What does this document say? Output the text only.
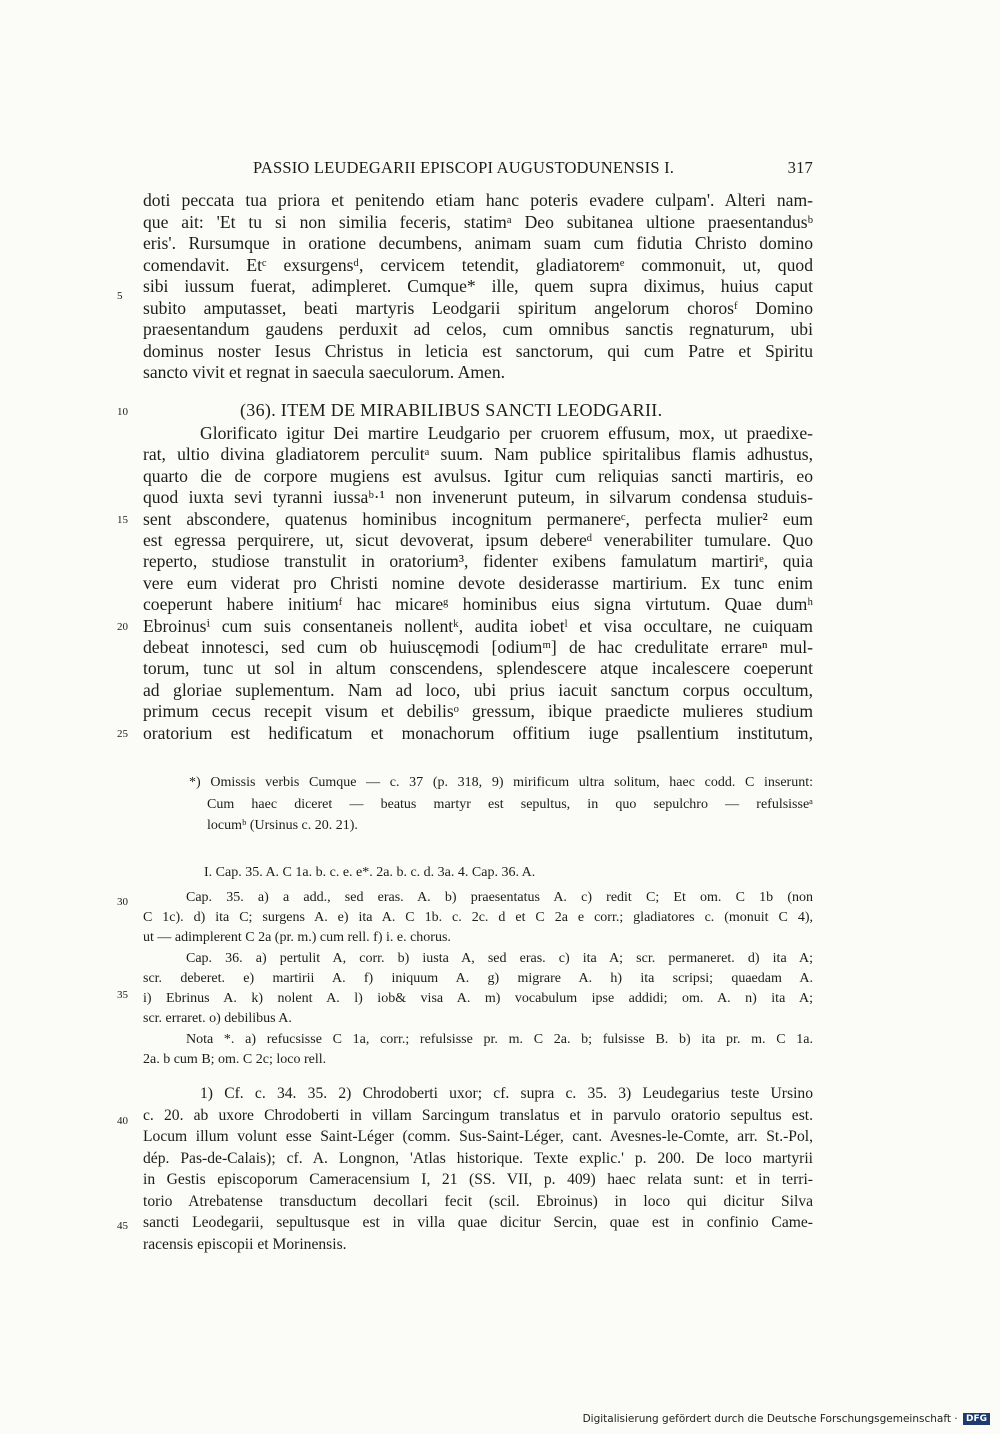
PASSIO LEUDEGARII EPISCOPI AUGUSTODUNENSIS I.	317
doti peccata tua priora et penitendo etiam hanc poteris evadere culpam'. Alteri nam-
que ait: 'Et tu si non similia feceris, statimᵃ Deo subitanea ultione praesentandusᵇ
eris'. Rursumque in oratione decumbens, animam suam cum fidutia Christo domino
comendavit. Etᶜ exsurgensᵈ, cervicem tetendit, gladiatoremᵉ commonuit, ut, quod
sibi iussum fuerat, adimpleret. Cumque* ille, quem supra diximus, huius caput
subito amputasset, beati martyris Leodgarii spiritum angelorum chorosᶠ Domino
praesentandum gaudens perduxit ad celos, cum omnibus sanctis regnaturum, ubi
dominus noster Iesus Christus in leticia est sanctorum, qui cum Patre et Spiritu
sancto vivit et regnat in saecula saeculorum. Amen.
(36). ITEM DE MIRABILIBUS SANCTI LEODGARII.
Glorificato igitur Dei martire Leudgario per cruorem effusum, mox, ut praedixe-
rat, ultio divina gladiatorem perculitᵃ suum. Nam publice spiritalibus flamis adhustus,
quarto die de corpore mugiens est avulsus. Igitur cum reliquias sancti martiris, eo
quod iuxta sevi tyranni iussaᵇ·¹ non invenerunt puteum, in silvarum condensa studuis-
sent abscondere, quatenus hominibus incognitum permanereᶜ, perfecta mulier² eum
est egressa perquirere, ut, sicut devoverat, ipsum debereᵈ venerabiliter tumulare. Quo
reperto, studiose transtulit in oratorium³, fidenter exibens famulatum martiriᵉ, quia
vere eum viderat pro Christi nomine devote desiderasse martirium. Ex tunc enim
coeperunt habere initiumᶠ hac micareᵍ hominibus eius signa virtutum. Quae dumʰ
Ebroinusⁱ cum suis consentaneis nollentᵏ, audita iobetˡ et visa occultare, ne cuiquam
debeat innotesci, sed cum ob huiuscęmodi [odiumᵐ] de hac credulitate errareⁿ mul-
torum, tunc ut sol in altum conscendens, splendescere atque incalescere coeperunt
ad gloriae suplementum. Nam ad loco, ubi prius iacuit sanctum corpus occultum,
primum cecus recepit visum et debilisᵒ gressum, ibique praedicte mulieres studium
oratorium est hedificatum et monachorum offitium iuge psallentium institutum,
5
10
15
20
25
30
35
40
45
*) Omissis verbis Cumque — c. 37 (p. 318, 9) mirificum ultra solitum, haec codd. C inserunt:
Cum haec diceret — beatus martyr est sepultus, in quo sepulchro — refulsisseᵃ
locumᵇ (Ursinus c. 20. 21).
I. Cap. 35. A. C 1a. b. c. e. e*. 2a. b. c. d. 3a. 4. Cap. 36. A.
Cap. 35. a) a add., sed eras. A. b) praesentatus A. c) redit C; Et om. C 1b (non
C 1c). d) ita C; surgens A. e) ita A. C 1b. c. 2c. d et C 2a e corr.; gladiatores c. (monuit C 4),
ut — adimplerent C 2a (pr. m.) cum rell. f) i. e. chorus.
Cap. 36. a) pertulit A, corr. b) iusta A, sed eras. c) ita A; scr. permaneret. d) ita A;
scr. deberet. e) martirii A. f) iniquum A. g) migrare A. h) ita scripsi; quaedam A.
i) Ebrinus A. k) nolent A. l) iob& visa A. m) vocabulum ipse addidi; om. A. n) ita A;
scr. erraret. o) debilibus A.
Nota *. a) refucsisse C 1a, corr.; refulsisse pr. m. C 2a. b; fulsisse B. b) ita pr. m. C 1a.
2a. b cum B; om. C 2c; loco rell.
1) Cf. c. 34. 35. 2) Chrodoberti uxor; cf. supra c. 35. 3) Leudegarius teste Ursino
c. 20. ab uxore Chrodoberti in villam Sarcingum translatus et in parvulo oratorio sepultus est.
Locum illum volunt esse Saint-Léger (comm. Sus-Saint-Léger, cant. Avesnes-le-Comte, arr. St.-Pol,
dép. Pas-de-Calais); cf. A. Longnon, 'Atlas historique. Texte explic.' p. 200. De loco martyrii
in Gestis episcoporum Cameracensium I, 21 (SS. VII, p. 409) haec relata sunt: et in terri-
torio Atrebatense transductum decollari fecit (scil. Ebroinus) in loco qui dicitur Silva
sancti Leodegarii, sepultusque est in villa quae dicitur Sercin, quae est in confinio Came-
racensis episcopii et Morinensis.
Digitalisierung gefördert durch die Deutsche Forschungsgemeinschaft · DFG
